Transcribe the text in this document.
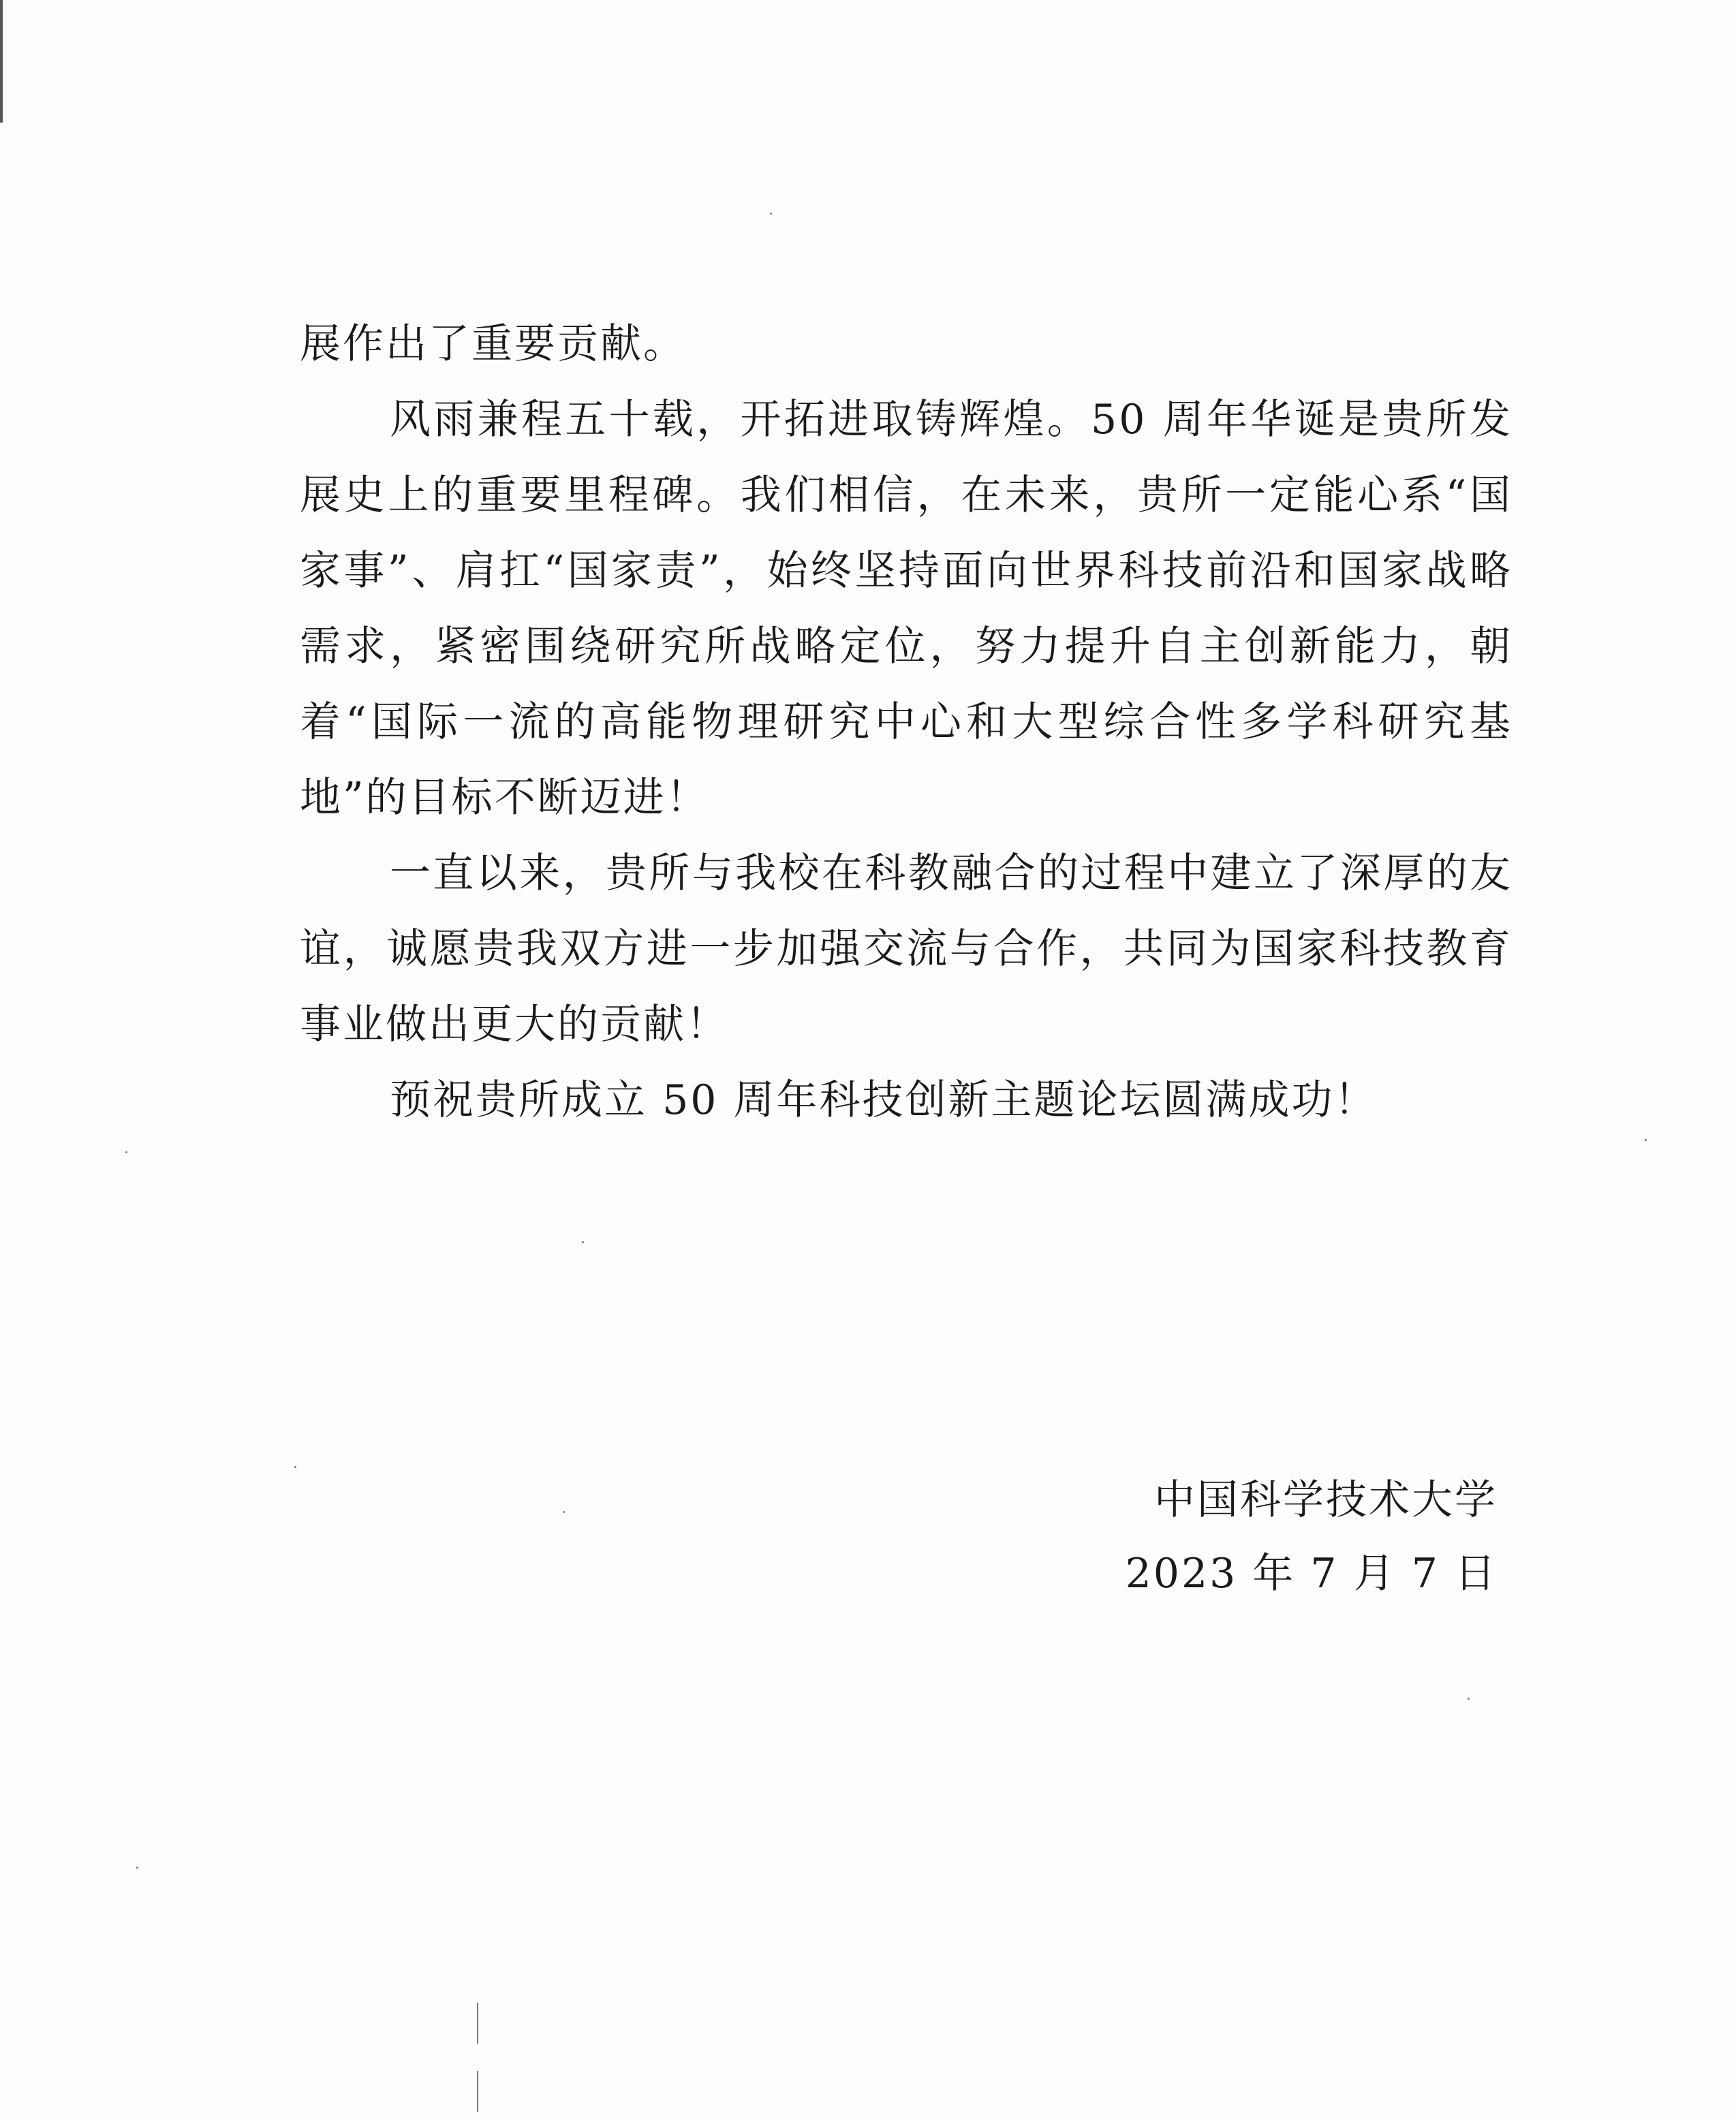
展作出了重要贡献。

风雨兼程五十载，开拓进取铸辉煌。50 周年华诞是贵所发展史上的重要里程碑。我们相信，在未来，贵所一定能心系“国家事”、肩扛“国家责”，始终坚持面向世界科技前沿和国家战略需求，紧密围绕研究所战略定位，努力提升自主创新能力，朝着“国际一流的高能物理研究中心和大型综合性多学科研究基地”的目标不断迈进！

一直以来，贵所与我校在科教融合的过程中建立了深厚的友谊，诚愿贵我双方进一步加强交流与合作，共同为国家科技教育事业做出更大的贡献！

预祝贵所成立 50 周年科技创新主题论坛圆满成功！

中国科学技术大学
2023 年 7 月 7 日
